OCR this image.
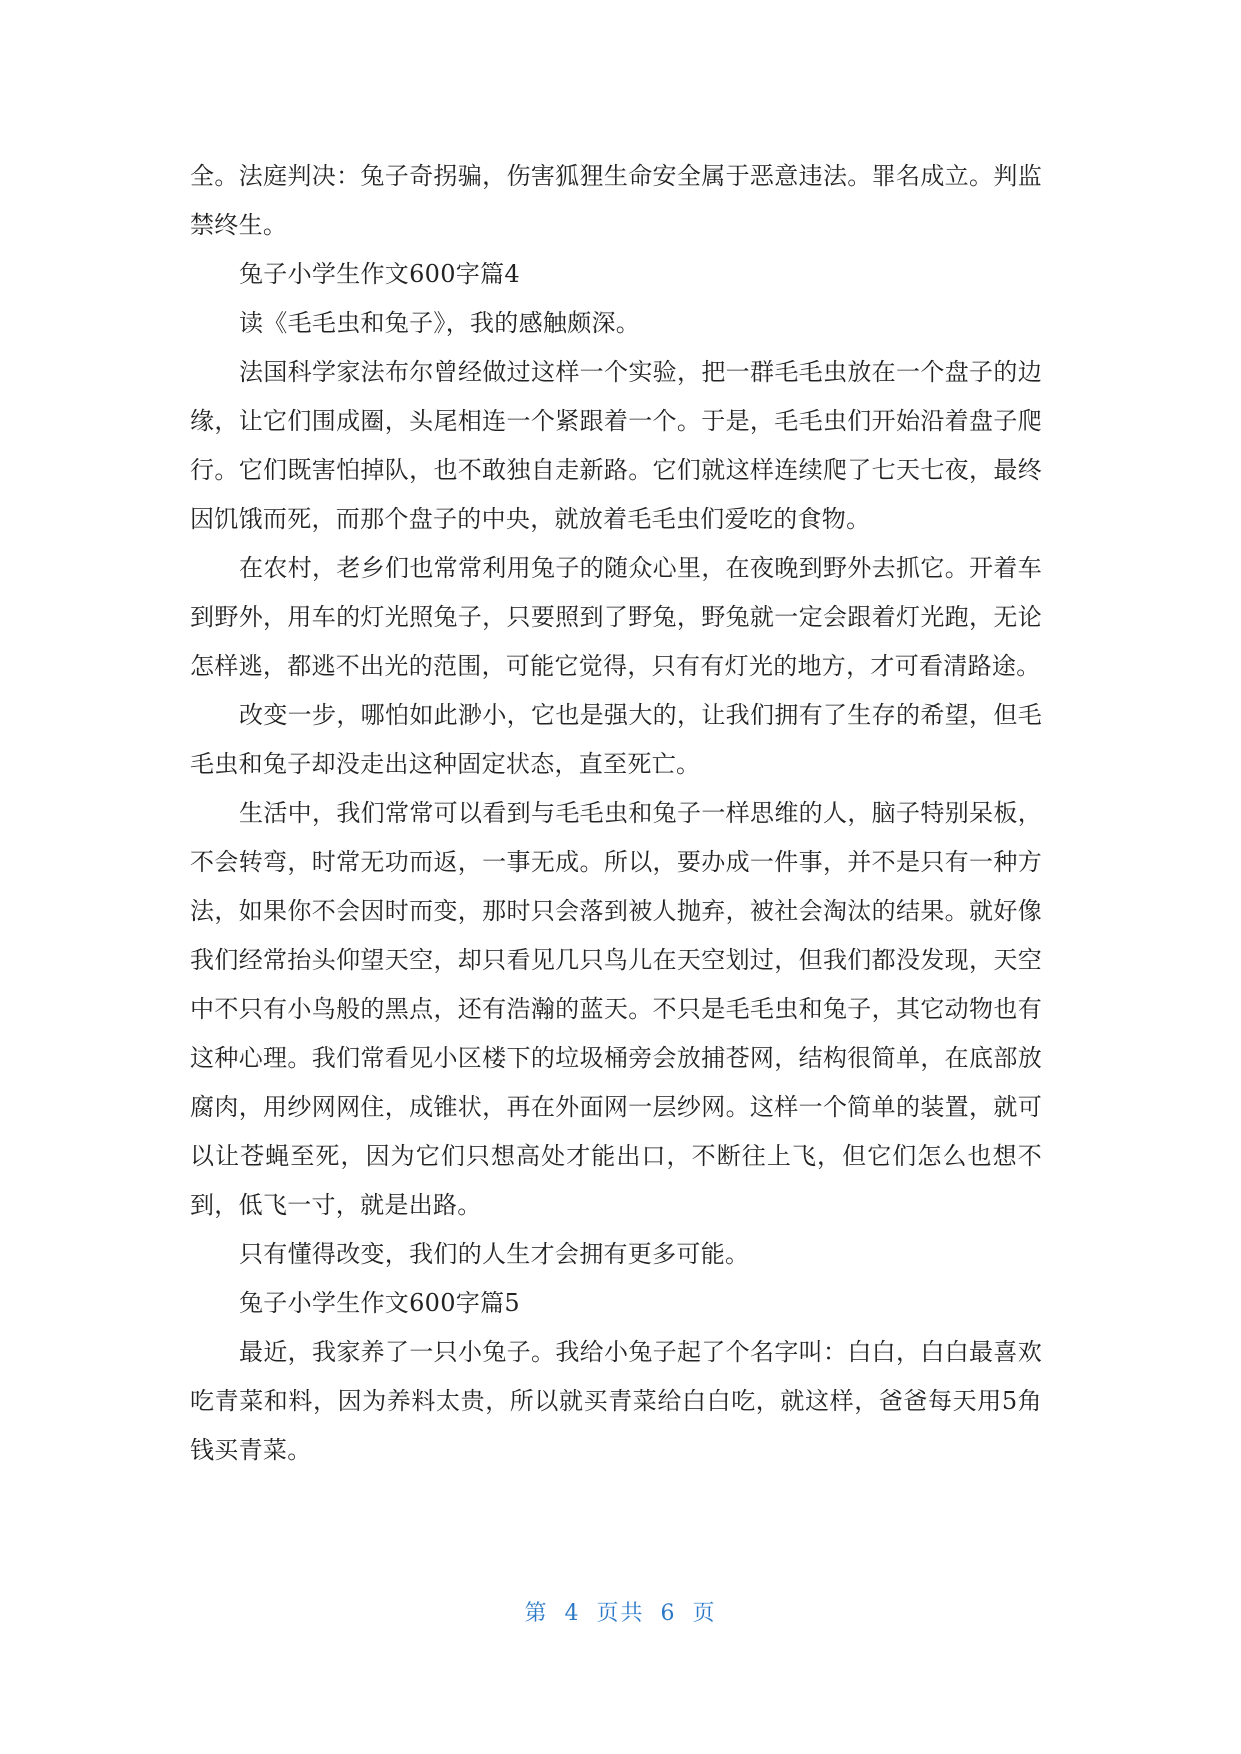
全。法庭判决：兔子奇拐骗，伤害狐狸生命安全属于恶意违法。罪名成立。判监禁终生。

兔子小学生作文600字篇4

读《毛毛虫和兔子》，我的感触颇深。

法国科学家法布尔曾经做过这样一个实验，把一群毛毛虫放在一个盘子的边缘，让它们围成圈，头尾相连一个紧跟着一个。于是，毛毛虫们开始沿着盘子爬行。它们既害怕掉队，也不敢独自走新路。它们就这样连续爬了七天七夜，最终因饥饿而死，而那个盘子的中央，就放着毛毛虫们爱吃的食物。

在农村，老乡们也常常利用兔子的随众心里，在夜晚到野外去抓它。开着车到野外，用车的灯光照兔子，只要照到了野兔，野兔就一定会跟着灯光跑，无论怎样逃，都逃不出光的范围，可能它觉得，只有有灯光的地方，才可看清路途。

改变一步，哪怕如此渺小，它也是强大的，让我们拥有了生存的希望，但毛毛虫和兔子却没走出这种固定状态，直至死亡。

生活中，我们常常可以看到与毛毛虫和兔子一样思维的人，脑子特别呆板，不会转弯，时常无功而返，一事无成。所以，要办成一件事，并不是只有一种方法，如果你不会因时而变，那时只会落到被人抛弃，被社会淘汰的结果。就好像我们经常抬头仰望天空，却只看见几只鸟儿在天空划过，但我们都没发现，天空中不只有小鸟般的黑点，还有浩瀚的蓝天。不只是毛毛虫和兔子，其它动物也有这种心理。我们常看见小区楼下的垃圾桶旁会放捕苍网，结构很简单，在底部放腐肉，用纱网网住，成锥状，再在外面网一层纱网。这样一个简单的装置，就可以让苍蝇至死，因为它们只想高处才能出口，不断往上飞，但它们怎么也想不到，低飞一寸，就是出路。

只有懂得改变，我们的人生才会拥有更多可能。

兔子小学生作文600字篇5

最近，我家养了一只小兔子。我给小兔子起了个名字叫：白白，白白最喜欢吃青菜和料，因为养料太贵，所以就买青菜给白白吃，就这样，爸爸每天用5角钱买青菜。

第 4 页共 6 页
